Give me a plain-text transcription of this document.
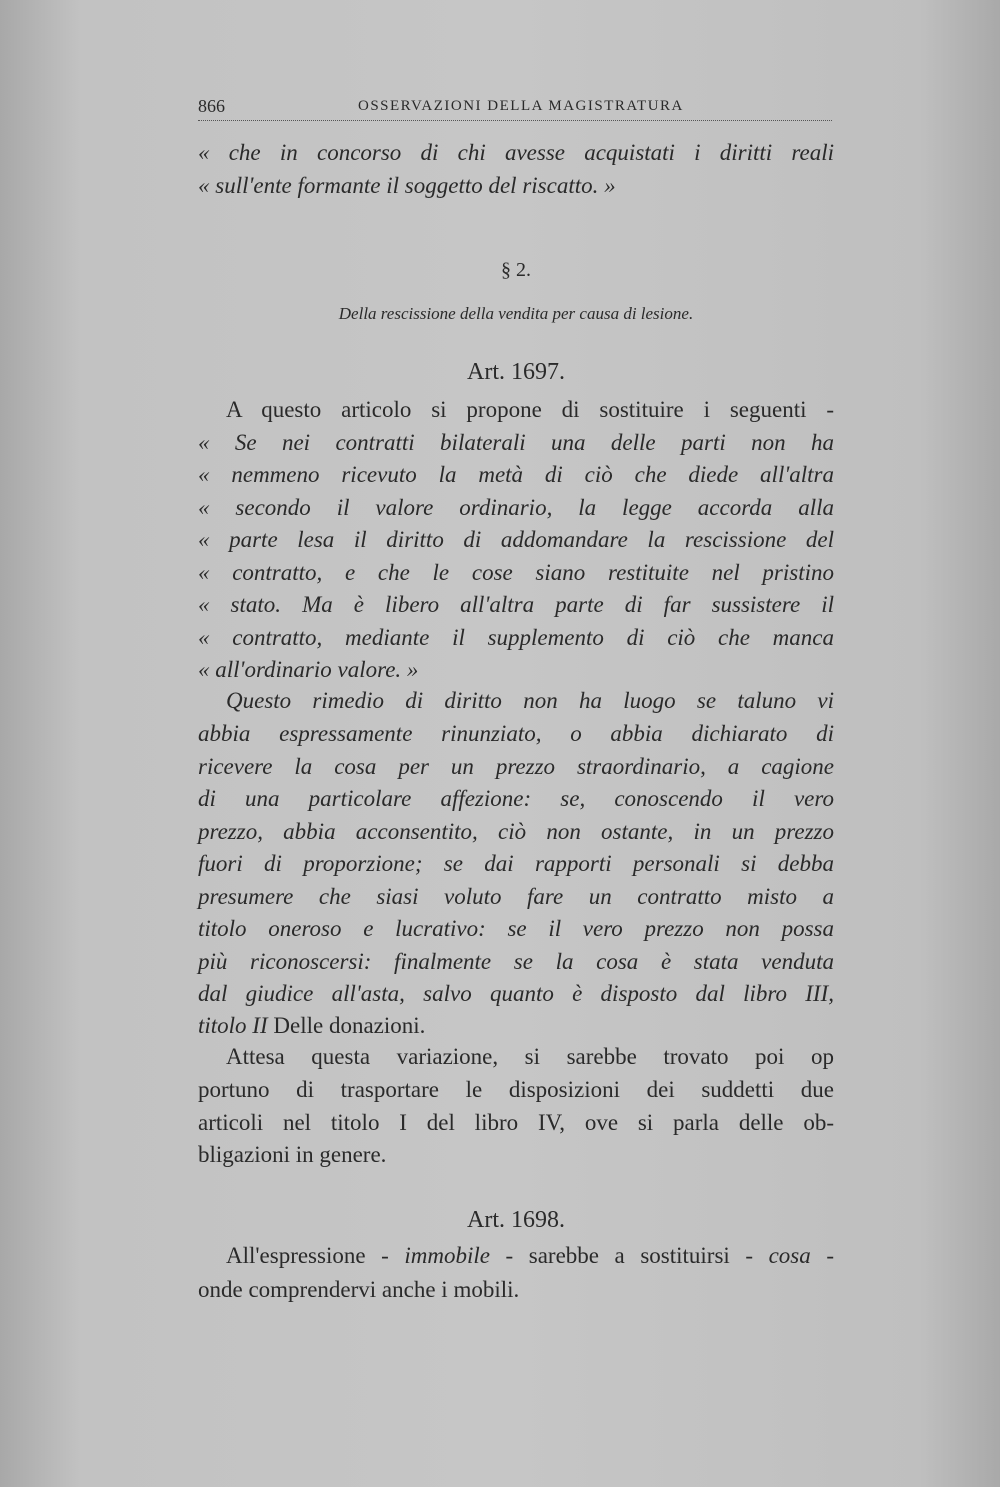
866	OSSERVAZIONI DELLA MAGISTRATURA
« che in concorso di chi avesse acquistati i diritti reali
« sull'ente formante il soggetto del riscatto. »
§ 2.
Della rescissione della vendita per causa di lesione.
Art. 1697.
A questo articolo si propone di sostituire i seguenti -
« Se nei contratti bilaterali una delle parti non ha
« nemmeno ricevuto la metà di ciò che diede all'altra
« secondo il valore ordinario, la legge accorda alla
« parte lesa il diritto di addomandare la rescissione del
« contratto, e che le cose siano restituite nel pristino
« stato. Ma è libero all'altra parte di far sussistere il
« contratto, mediante il supplemento di ciò che manca
« all'ordinario valore. »
Questo rimedio di diritto non ha luogo se taluno vi
abbia espressamente rinunziato, o abbia dichiarato di
ricevere la cosa per un prezzo straordinario, a cagione
di una particolare affezione: se, conoscendo il vero
prezzo, abbia acconsentito, ciò non ostante, in un prezzo
fuori di proporzione; se dai rapporti personali si debba
presumere che siasi voluto fare un contratto misto a
titolo oneroso e lucrativo: se il vero prezzo non possa
più riconoscersi: finalmente se la cosa è stata venduta
dal giudice all'asta, salvo quanto è disposto dal libro III,
titolo II Delle donazioni.
Attesa questa variazione, si sarebbe trovato poi op
portuno di trasportare le disposizioni dei suddetti due
articoli nel titolo I del libro IV, ove si parla delle ob-
bligazioni in genere.
Art. 1698.
All'espressione - immobile - sarebbe a sostituirsi - cosa -
onde comprendervi anche i mobili.
